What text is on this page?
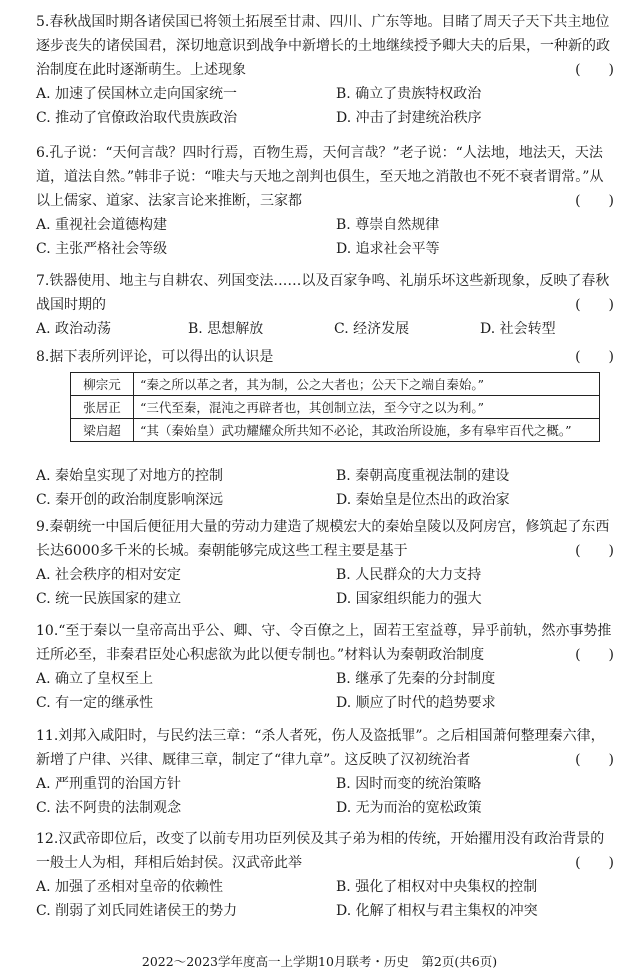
5.春秋战国时期各诸侯国已将领土拓展至甘肃、四川、广东等地。目睹了周天子天下共主地位逐步丧失的诸侯国君，深切地意识到战争中新增长的土地继续授予卿大夫的后果，一种新的政治制度在此时逐渐萌生。上述现象	(　　)
A. 加速了侯国林立走向国家统一	B. 确立了贵族特权政治
C. 推动了官僚政治取代贵族政治	D. 冲击了封建统治秩序

6.孔子说：“天何言哉？四时行焉，百物生焉，天何言哉？”老子说：“人法地，地法天，天法道，道法自然。”韩非子说：“唯夫与天地之剖判也俱生，至天地之消散也不死不衰者谓常。”从以上儒家、道家、法家言论来推断，三家都	(　　)
A. 重视社会道德构建	B. 尊崇自然规律
C. 主张严格社会等级	D. 追求社会平等

7.铁器使用、地主与自耕农、列国变法……以及百家争鸣、礼崩乐坏这些新现象，反映了春秋战国时期的	(　　)
A. 政治动荡	B. 思想解放	C. 经济发展	D. 社会转型

8.据下表所列评论，可以得出的认识是	(　　)
柳宗元	“秦之所以革之者，其为制，公之大者也；公天下之端自秦始。”
张居正	“三代至秦，混沌之再辟者也，其创制立法，至今守之以为利。”
梁启超	“其（秦始皇）武功耀耀众所共知不必论，其政治所设施，多有皋牢百代之概。”
A. 秦始皇实现了对地方的控制	B. 秦朝高度重视法制的建设
C. 秦开创的政治制度影响深远	D. 秦始皇是位杰出的政治家

9.秦朝统一中国后便征用大量的劳动力建造了规模宏大的秦始皇陵以及阿房宫，修筑起了东西长达6000多千米的长城。秦朝能够完成这些工程主要是基于	(　　)
A. 社会秩序的相对安定	B. 人民群众的大力支持
C. 统一民族国家的建立	D. 国家组织能力的强大

10.“至于秦以一皇帝高出乎公、卿、守、令百僚之上，固若王室益尊，异乎前轨，然亦事势推迁所必至，非秦君臣处心积虑欲为此以便专制也。”材料认为秦朝政治制度	(　　)
A. 确立了皇权至上	B. 继承了先秦的分封制度
C. 有一定的继承性	D. 顺应了时代的趋势要求

11.刘邦入咸阳时，与民约法三章：“杀人者死，伤人及盗抵罪”。之后相国萧何整理秦六律，新增了户律、兴律、厩律三章，制定了“律九章”。这反映了汉初统治者	(　　)
A. 严刑重罚的治国方针	B. 因时而变的统治策略
C. 法不阿贵的法制观念	D. 无为而治的宽松政策

12.汉武帝即位后，改变了以前专用功臣列侯及其子弟为相的传统，开始擢用没有政治背景的一般士人为相，拜相后始封侯。汉武帝此举	(　　)
A. 加强了丞相对皇帝的依赖性	B. 强化了相权对中央集权的控制
C. 削弱了刘氏同姓诸侯王的势力	D. 化解了相权与君主集权的冲突
2022～2023学年度高一上学期10月联考・历史　第2页(共6页)
